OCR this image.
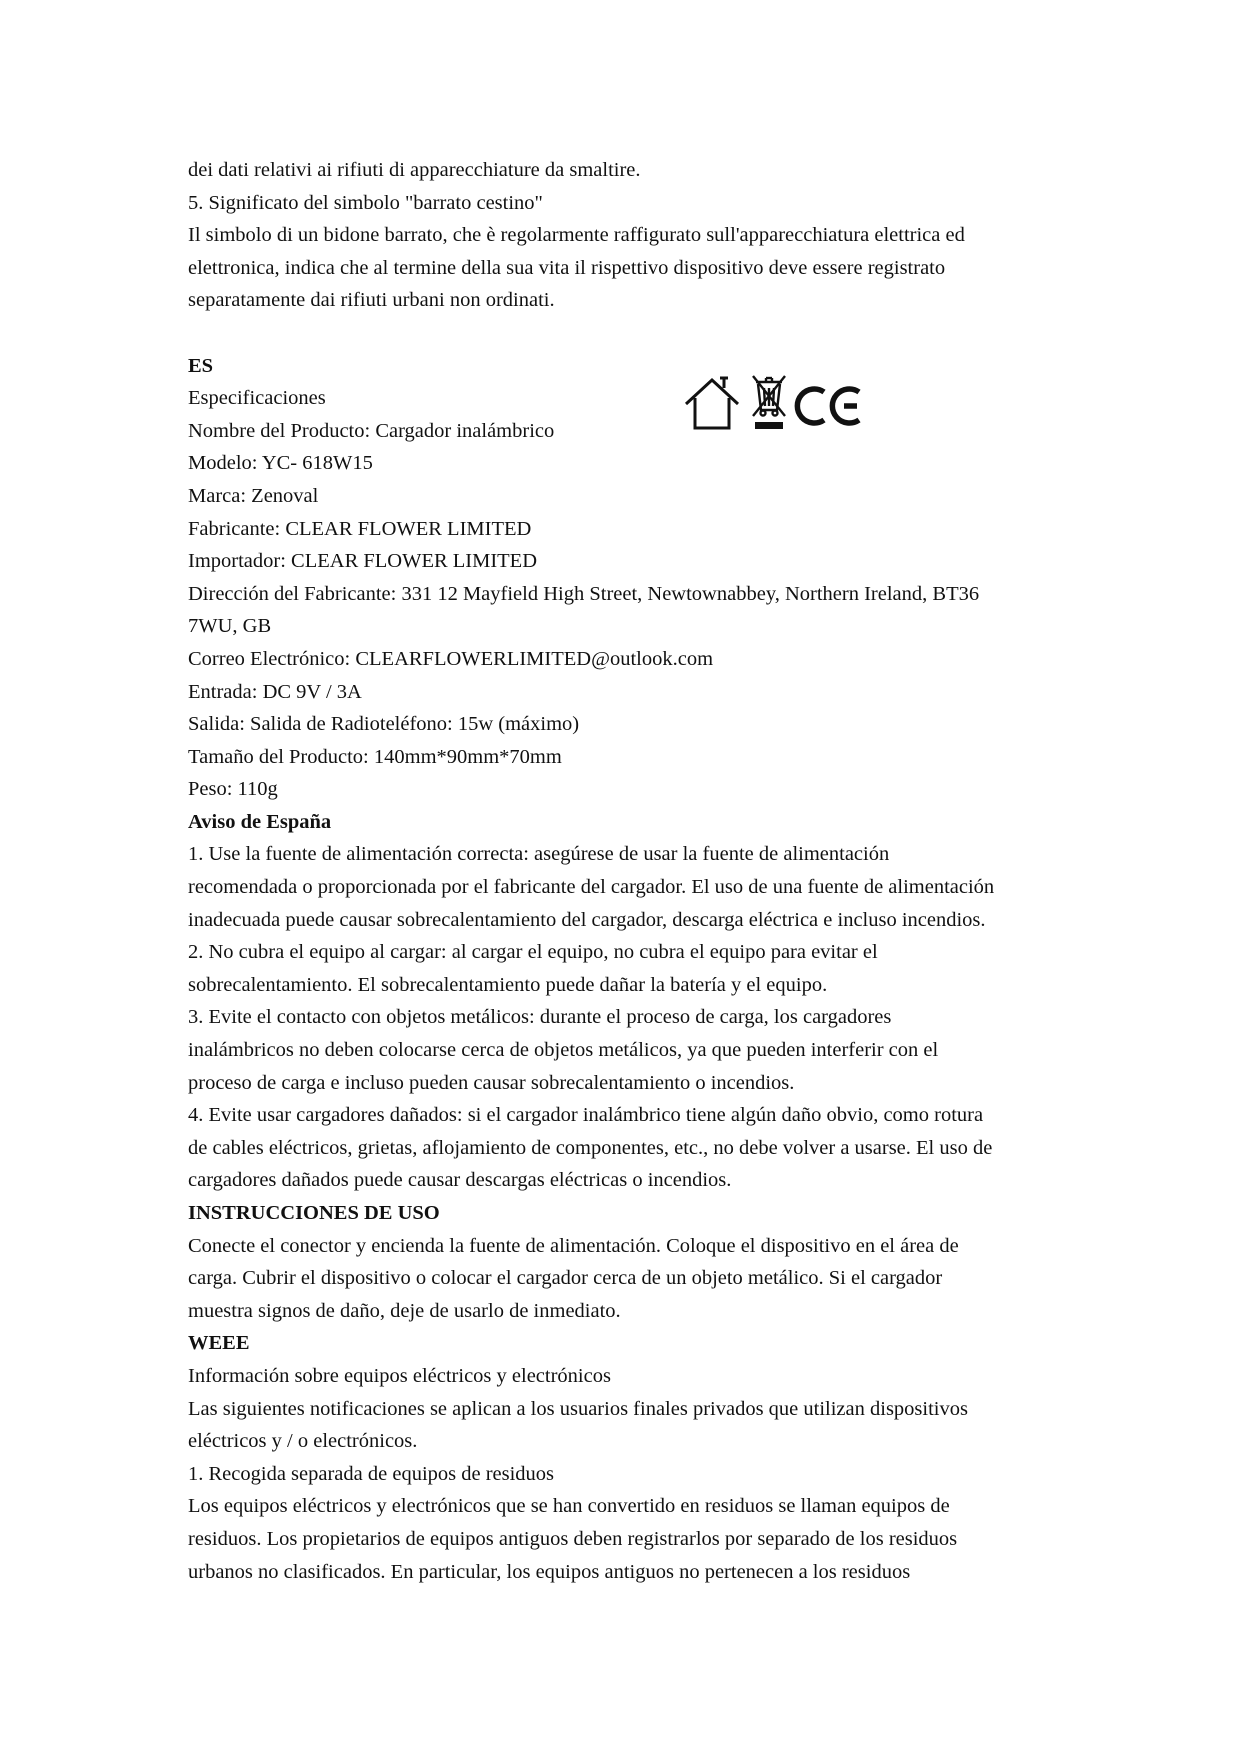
dei dati relativi ai rifiuti di apparecchiature da smaltire.
5. Significato del simbolo "barrato cestino"
Il simbolo di un bidone barrato, che è regolarmente raffigurato sull'apparecchiatura elettrica ed
elettronica, indica che al termine della sua vita il rispettivo dispositivo deve essere registrato
separatamente dai rifiuti urbani non ordinati.
ES
Especificaciones
Nombre del Producto: Cargador inalámbrico
Modelo: YC- 618W15
Marca: Zenoval
Fabricante: CLEAR FLOWER LIMITED
Importador: CLEAR FLOWER LIMITED
Dirección del Fabricante: 331 12 Mayfield High Street, Newtownabbey, Northern Ireland, BT36
7WU, GB
Correo Electrónico: CLEARFLOWERLIMITED@outlook.com
Entrada: DC 9V / 3A
Salida: Salida de Radioteléfono: 15w (máximo)
Tamaño del Producto: 140mm*90mm*70mm
Peso: 110g
Aviso de España
1. Use la fuente de alimentación correcta: asegúrese de usar la fuente de alimentación
recomendada o proporcionada por el fabricante del cargador. El uso de una fuente de alimentación
inadecuada puede causar sobrecalentamiento del cargador, descarga eléctrica e incluso incendios.
2. No cubra el equipo al cargar: al cargar el equipo, no cubra el equipo para evitar el
sobrecalentamiento. El sobrecalentamiento puede dañar la batería y el equipo.
3. Evite el contacto con objetos metálicos: durante el proceso de carga, los cargadores
inalámbricos no deben colocarse cerca de objetos metálicos, ya que pueden interferir con el
proceso de carga e incluso pueden causar sobrecalentamiento o incendios.
4. Evite usar cargadores dañados: si el cargador inalámbrico tiene algún daño obvio, como rotura
de cables eléctricos, grietas, aflojamiento de componentes, etc., no debe volver a usarse. El uso de
cargadores dañados puede causar descargas eléctricas o incendios.
INSTRUCCIONES DE USO
Conecte el conector y encienda la fuente de alimentación. Coloque el dispositivo en el área de
carga. Cubrir el dispositivo o colocar el cargador cerca de un objeto metálico. Si el cargador
muestra signos de daño, deje de usarlo de inmediato.
WEEE
Información sobre equipos eléctricos y electrónicos
Las siguientes notificaciones se aplican a los usuarios finales privados que utilizan dispositivos
eléctricos y / o electrónicos.
1. Recogida separada de equipos de residuos
Los equipos eléctricos y electrónicos que se han convertido en residuos se llaman equipos de
residuos. Los propietarios de equipos antiguos deben registrarlos por separado de los residuos
urbanos no clasificados. En particular, los equipos antiguos no pertenecen a los residuos
